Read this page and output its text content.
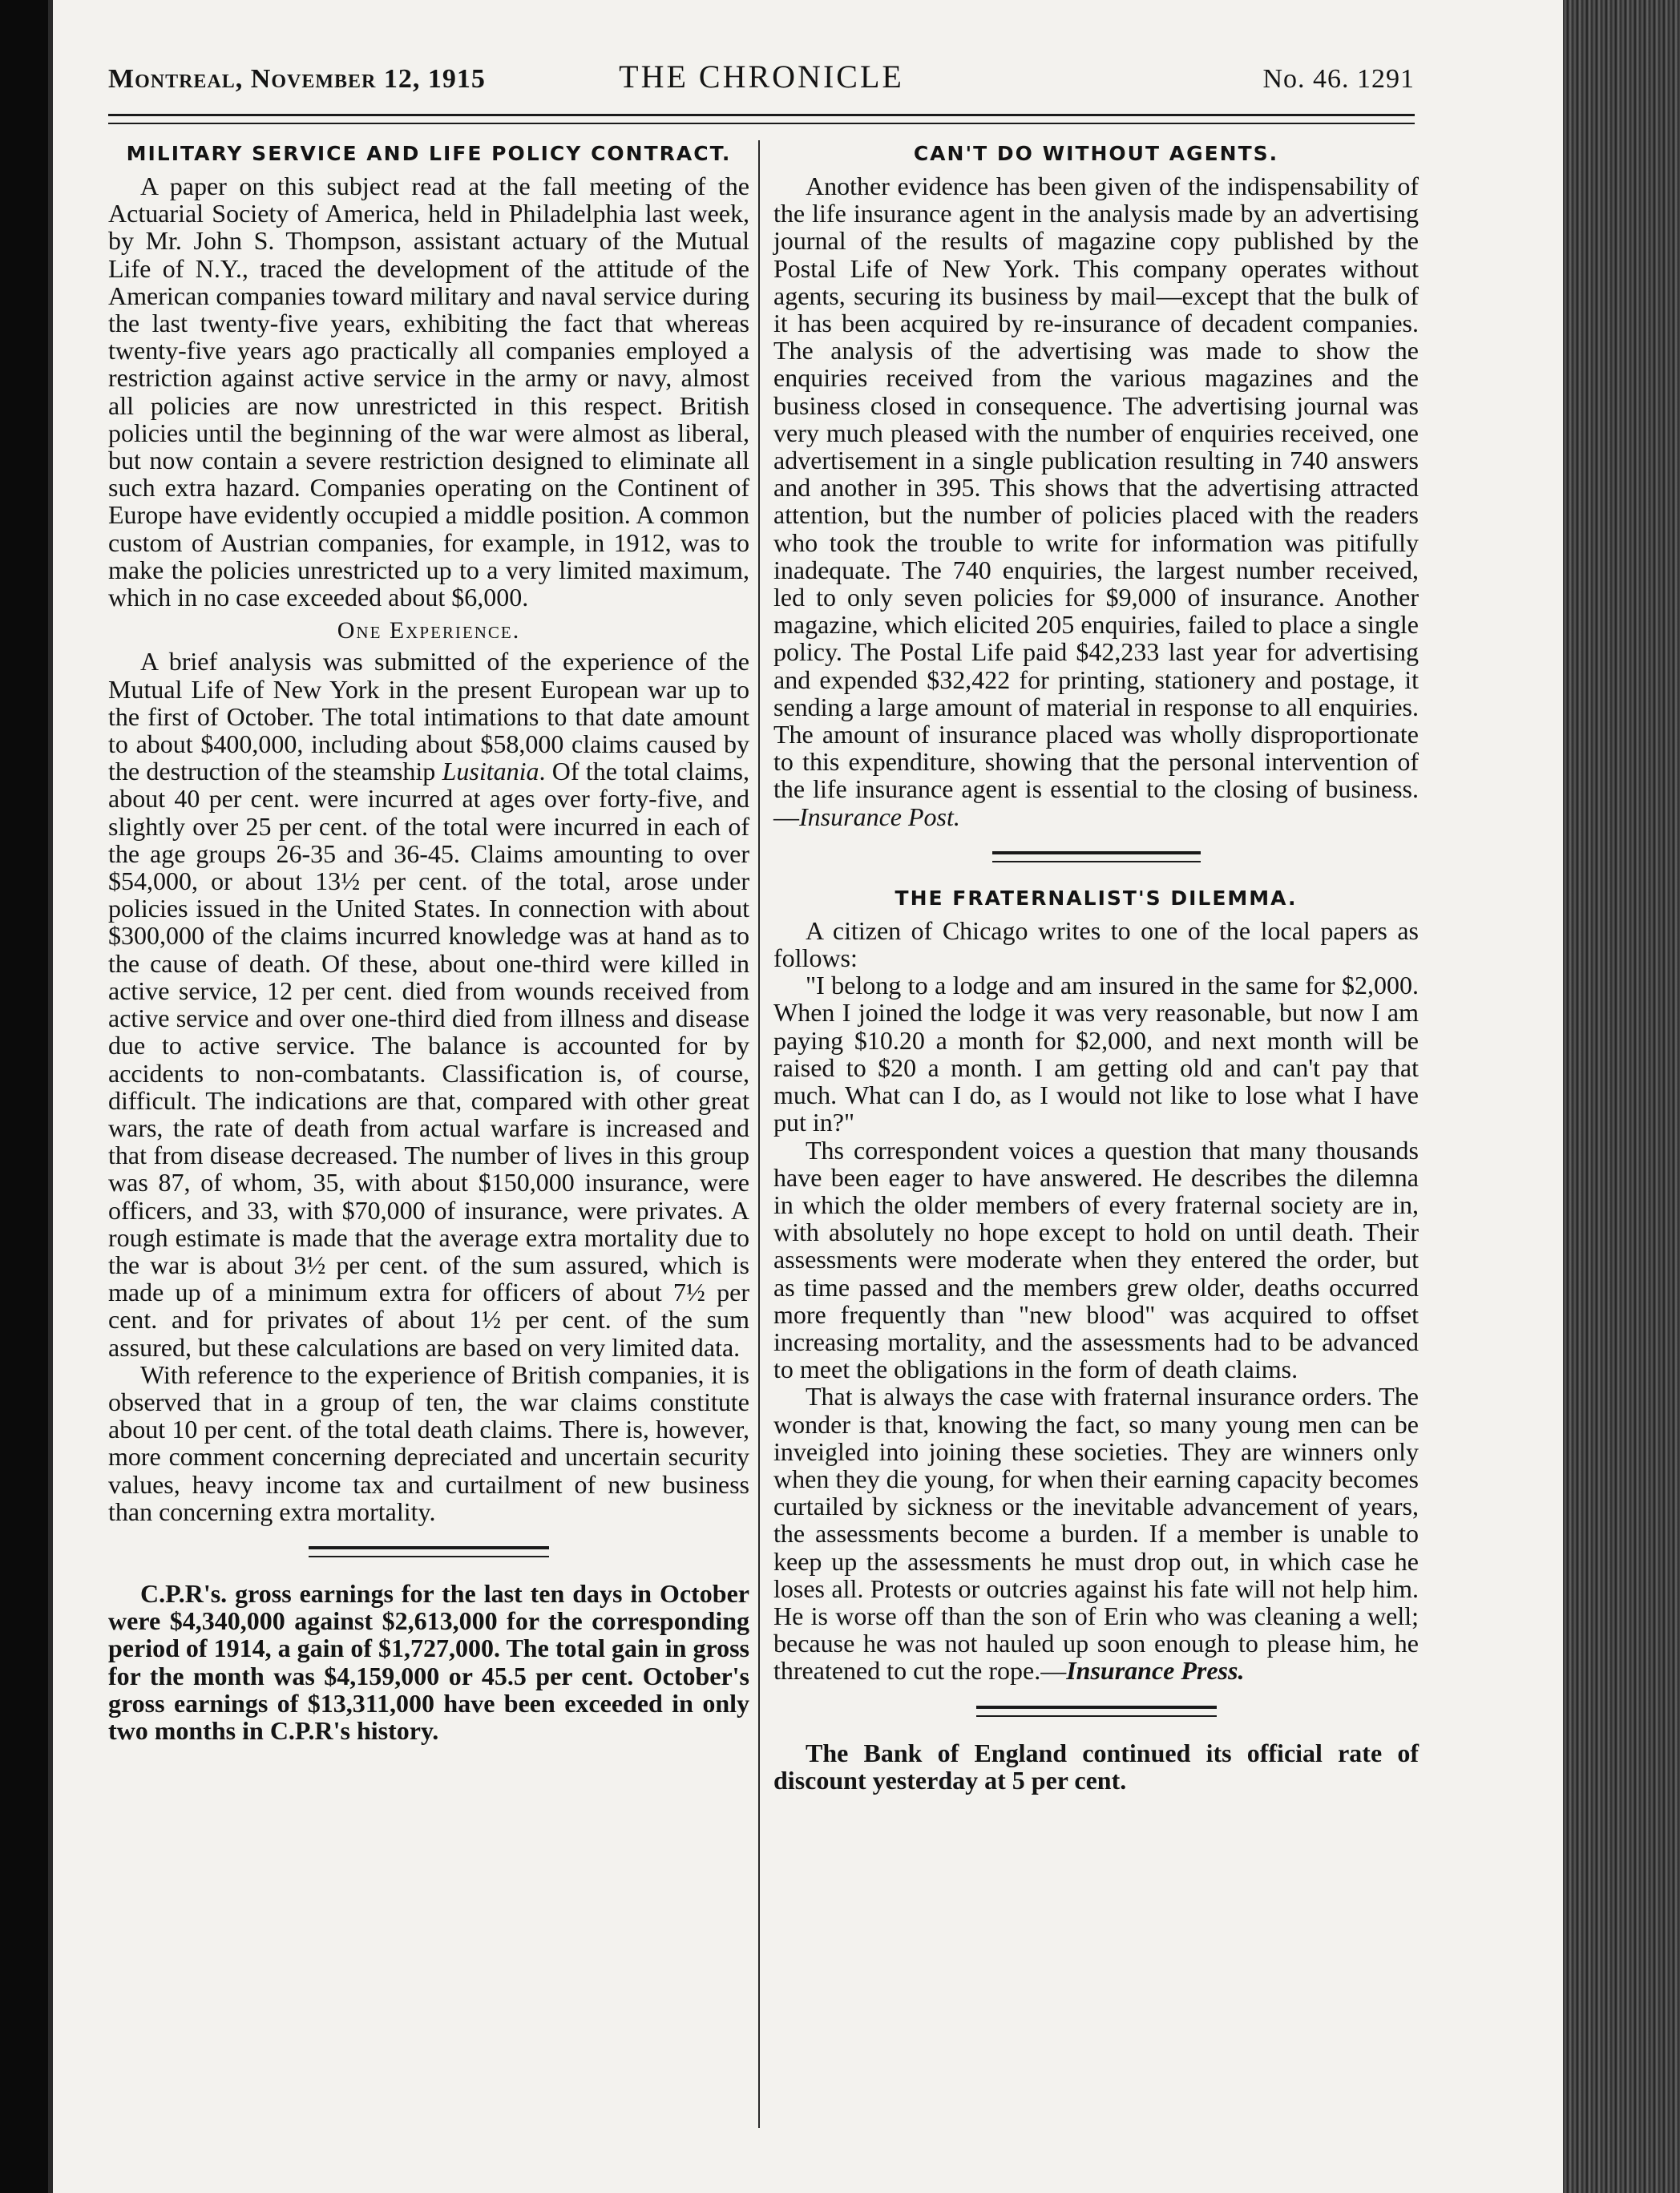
Montreal, November 12, 1915	THE CHRONICLE	No. 46. 1291
MILITARY SERVICE AND LIFE POLICY CONTRACT.

A paper on this subject read at the fall meeting of the Actuarial Society of America, held in Philadelphia last week, by Mr. John S. Thompson, assistant actuary of the Mutual Life of N.Y., traced the development of the attitude of the American companies toward military and naval service during the last twenty-five years, exhibiting the fact that whereas twenty-five years ago practically all companies employed a restriction against active service in the army or navy, almost all policies are now unrestricted in this respect. British policies until the beginning of the war were almost as liberal, but now contain a severe restriction designed to eliminate all such extra hazard. Companies operating on the Continent of Europe have evidently occupied a middle position. A common custom of Austrian companies, for example, in 1912, was to make the policies unrestricted up to a very limited maximum, which in no case exceeded about $6,000.

One Experience.

A brief analysis was submitted of the experience of the Mutual Life of New York in the present European war up to the first of October. The total intimations to that date amount to about $400,000, including about $58,000 claims caused by the destruction of the steamship Lusitania. Of the total claims, about 40 per cent. were incurred at ages over forty-five, and slightly over 25 per cent. of the total were incurred in each of the age groups 26-35 and 36-45. Claims amounting to over $54,000, or about 13½ per cent. of the total, arose under policies issued in the United States. In connection with about $300,000 of the claims incurred knowledge was at hand as to the cause of death. Of these, about one-third were killed in active service, 12 per cent. died from wounds received from active service and over one-third died from illness and disease due to active service. The balance is accounted for by accidents to non-combatants. Classification is, of course, difficult. The indications are that, compared with other great wars, the rate of death from actual warfare is increased and that from disease decreased. The number of lives in this group was 87, of whom, 35, with about $150,000 insurance, were officers, and 33, with $70,000 of insurance, were privates. A rough estimate is made that the average extra mortality due to the war is about 3½ per cent. of the sum assured, which is made up of a minimum extra for officers of about 7½ per cent. and for privates of about 1½ per cent. of the sum assured, but these calculations are based on very limited data.

With reference to the experience of British companies, it is observed that in a group of ten, the war claims constitute about 10 per cent. of the total death claims. There is, however, more comment concerning depreciated and uncertain security values, heavy income tax and curtailment of new business than concerning extra mortality.

C.P.R's. gross earnings for the last ten days in October were $4,340,000 against $2,613,000 for the corresponding period of 1914, a gain of $1,727,000. The total gain in gross for the month was $4,159,000 or 45.5 per cent. October's gross earnings of $13,311,000 have been exceeded in only two months in C.P.R's history.

CAN'T DO WITHOUT AGENTS.

Another evidence has been given of the indispensability of the life insurance agent in the analysis made by an advertising journal of the results of magazine copy published by the Postal Life of New York. This company operates without agents, securing its business by mail—except that the bulk of it has been acquired by re-insurance of decadent companies. The analysis of the advertising was made to show the enquiries received from the various magazines and the business closed in consequence. The advertising journal was very much pleased with the number of enquiries received, one advertisement in a single publication resulting in 740 answers and another in 395. This shows that the advertising attracted attention, but the number of policies placed with the readers who took the trouble to write for information was pitifully inadequate. The 740 enquiries, the largest number received, led to only seven policies for $9,000 of insurance. Another magazine, which elicited 205 enquiries, failed to place a single policy. The Postal Life paid $42,233 last year for advertising and expended $32,422 for printing, stationery and postage, it sending a large amount of material in response to all enquiries. The amount of insurance placed was wholly disproportionate to this expenditure, showing that the personal intervention of the life insurance agent is essential to the closing of business.—Insurance Post.

THE FRATERNALIST'S DILEMMA.

A citizen of Chicago writes to one of the local papers as follows:

"I belong to a lodge and am insured in the same for $2,000. When I joined the lodge it was very reasonable, but now I am paying $10.20 a month for $2,000, and next month will be raised to $20 a month. I am getting old and can't pay that much. What can I do, as I would not like to lose what I have put in?"

Ths correspondent voices a question that many thousands have been eager to have answered. He describes the dilemna in which the older members of every fraternal society are in, with absolutely no hope except to hold on until death. Their assessments were moderate when they entered the order, but as time passed and the members grew older, deaths occurred more frequently than "new blood" was acquired to offset increasing mortality, and the assessments had to be advanced to meet the obligations in the form of death claims.

That is always the case with fraternal insurance orders. The wonder is that, knowing the fact, so many young men can be inveigled into joining these societies. They are winners only when they die young, for when their earning capacity becomes curtailed by sickness or the inevitable advancement of years, the assessments become a burden. If a member is unable to keep up the assessments he must drop out, in which case he loses all. Protests or outcries against his fate will not help him. He is worse off than the son of Erin who was cleaning a well; because he was not hauled up soon enough to please him, he threatened to cut the rope.—Insurance Press.

The Bank of England continued its official rate of discount yesterday at 5 per cent.
